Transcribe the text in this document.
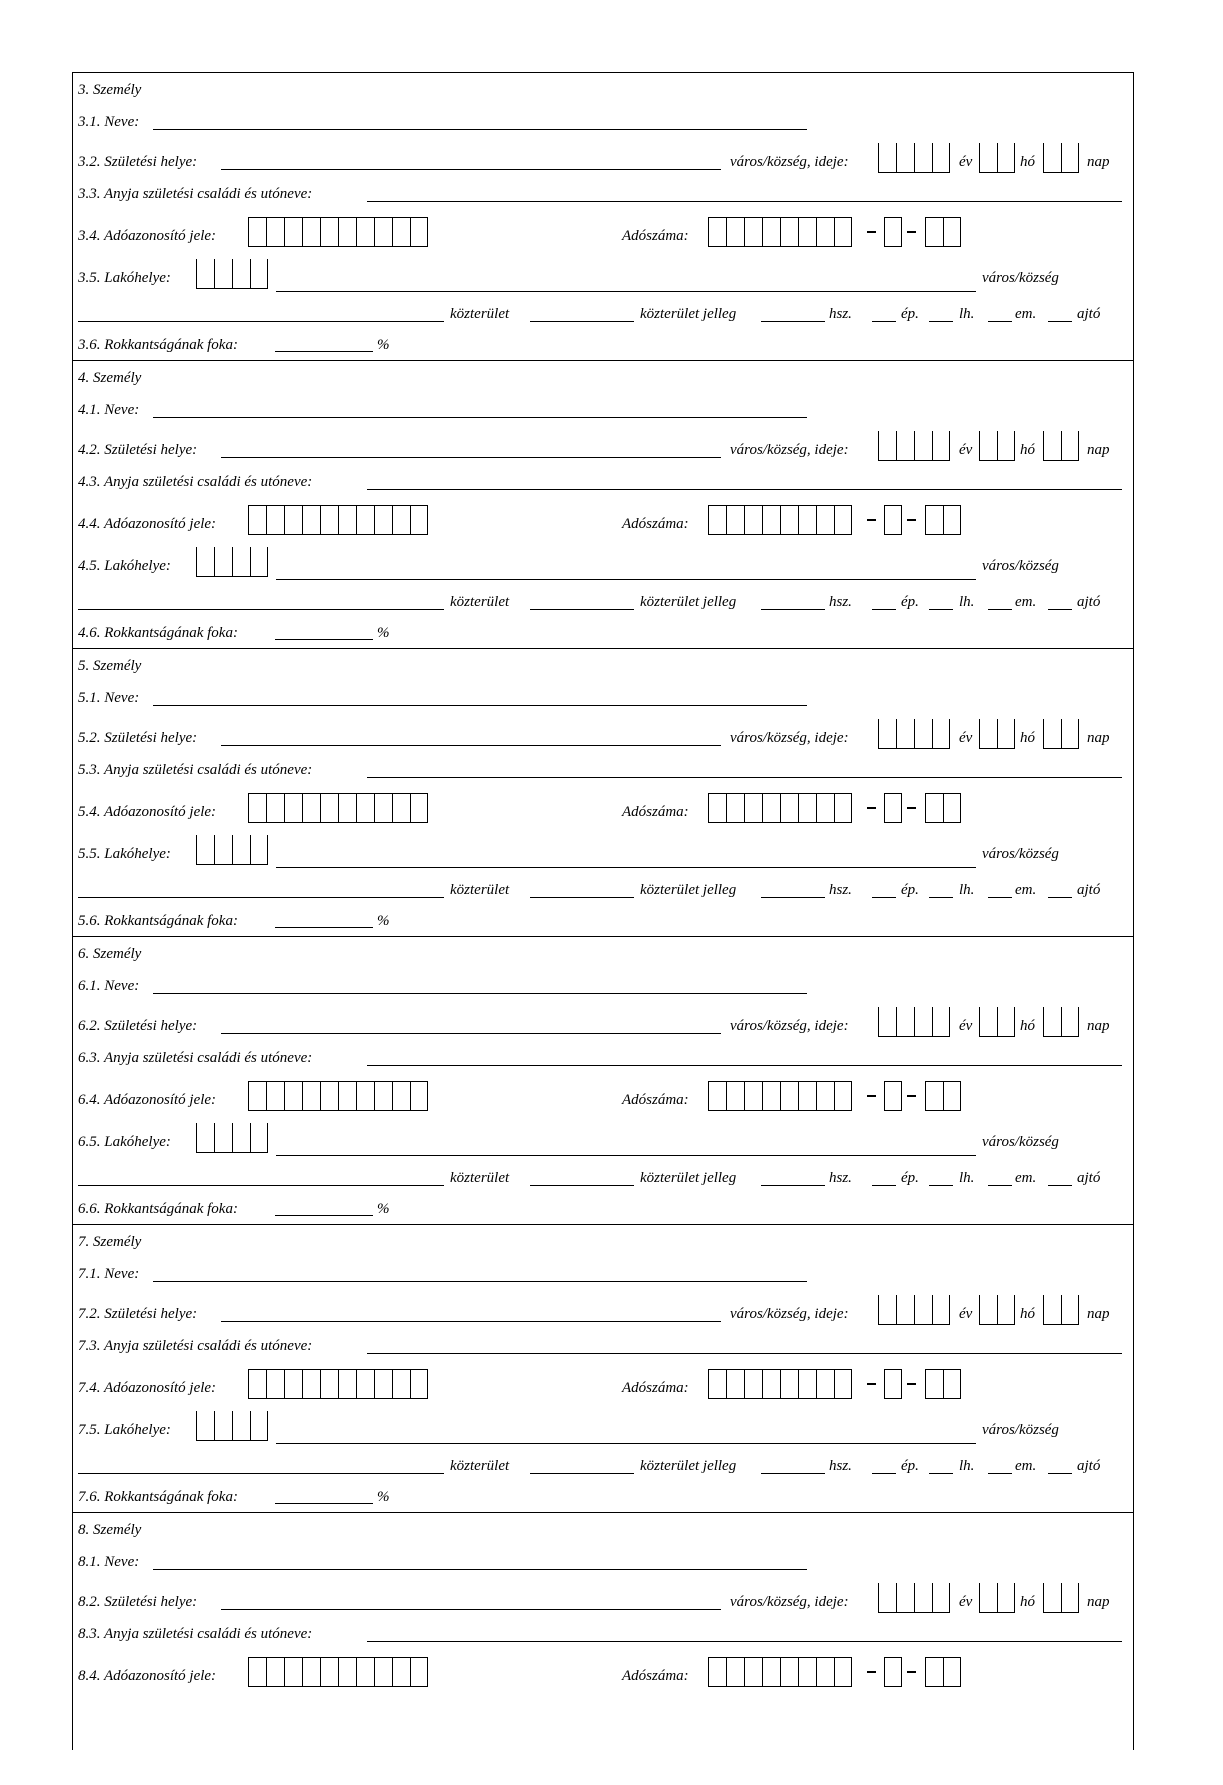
3. Személy
3.1. Neve:
3.2. Születési helye:	város/község, ideje:	év	hó	nap
3.3. Anyja születési családi és utóneve:
3.4. Adóazonosító jele:	Adószáma:
3.5. Lakóhelye:	város/község
közterület	közterület jelleg	hsz.	ép.	lh.	em.	ajtó
3.6. Rokkantságának foka:	%
4. Személy
4.1. Neve:
4.2. Születési helye:	város/község, ideje:	év	hó	nap
4.3. Anyja születési családi és utóneve:
4.4. Adóazonosító jele:	Adószáma:
4.5. Lakóhelye:	város/község
közterület	közterület jelleg	hsz.	ép.	lh.	em.	ajtó
4.6. Rokkantságának foka:	%
5. Személy
5.1. Neve:
5.2. Születési helye:	város/község, ideje:	év	hó	nap
5.3. Anyja születési családi és utóneve:
5.4. Adóazonosító jele:	Adószáma:
5.5. Lakóhelye:	város/község
közterület	közterület jelleg	hsz.	ép.	lh.	em.	ajtó
5.6. Rokkantságának foka:	%
6. Személy
6.1. Neve:
6.2. Születési helye:	város/község, ideje:	év	hó	nap
6.3. Anyja születési családi és utóneve:
6.4. Adóazonosító jele:	Adószáma:
6.5. Lakóhelye:	város/község
közterület	közterület jelleg	hsz.	ép.	lh.	em.	ajtó
6.6. Rokkantságának foka:	%
7. Személy
7.1. Neve:
7.2. Születési helye:	város/község, ideje:	év	hó	nap
7.3. Anyja születési családi és utóneve:
7.4. Adóazonosító jele:	Adószáma:
7.5. Lakóhelye:	város/község
közterület	közterület jelleg	hsz.	ép.	lh.	em.	ajtó
7.6. Rokkantságának foka:	%
8. Személy
8.1. Neve:
8.2. Születési helye:	város/község, ideje:	év	hó	nap
8.3. Anyja születési családi és utóneve:
8.4. Adóazonosító jele:	Adószáma:
